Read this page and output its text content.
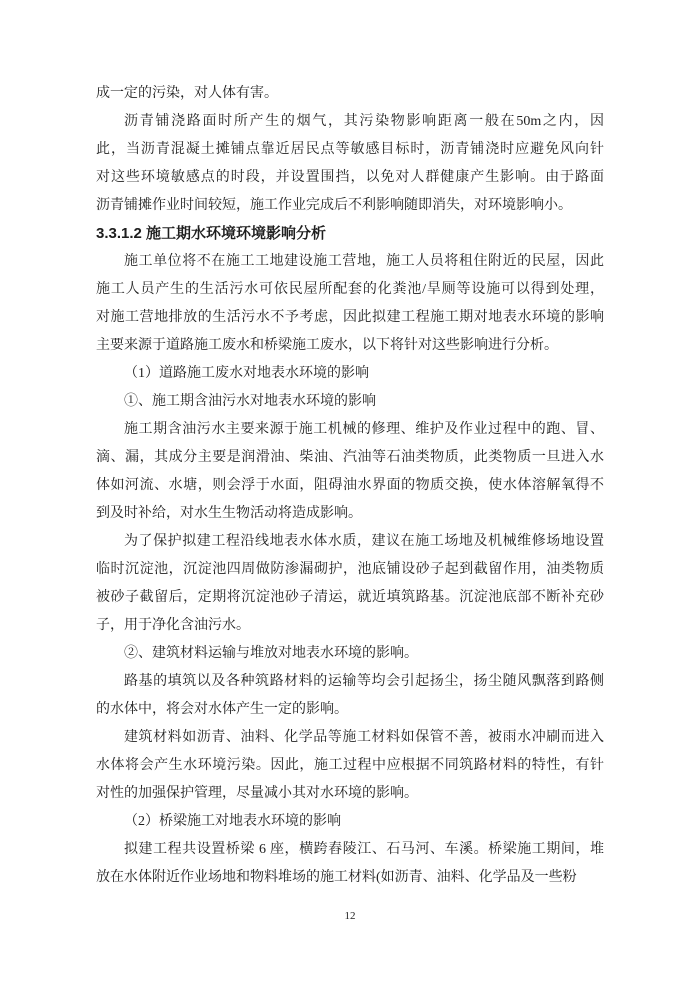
成一定的污染，对人体有害。
沥青铺浇路面时所产生的烟气，其污染物影响距离一般在50m之内，因
此，当沥青混凝土摊铺点靠近居民点等敏感目标时，沥青铺浇时应避免风向针
对这些环境敏感点的时段，并设置围挡，以免对人群健康产生影响。由于路面
沥青铺摊作业时间较短，施工作业完成后不利影响随即消失，对环境影响小。
3.3.1.2 施工期水环境环境影响分析
施工单位将不在施工工地建设施工营地，施工人员将租住附近的民屋，因此
施工人员产生的生活污水可依民屋所配套的化粪池/旱厕等设施可以得到处理，
对施工营地排放的生活污水不予考虑，因此拟建工程施工期对地表水环境的影响
主要来源于道路施工废水和桥梁施工废水，以下将针对这些影响进行分析。
（1）道路施工废水对地表水环境的影响
①、施工期含油污水对地表水环境的影响
施工期含油污水主要来源于施工机械的修理、维护及作业过程中的跑、冒、
滴、漏，其成分主要是润滑油、柴油、汽油等石油类物质，此类物质一旦进入水
体如河流、水塘，则会浮于水面，阻碍油水界面的物质交换，使水体溶解氧得不
到及时补给，对水生生物活动将造成影响。
为了保护拟建工程沿线地表水体水质，建议在施工场地及机械维修场地设置
临时沉淀池，沉淀池四周做防渗漏砌护，池底铺设砂子起到截留作用，油类物质
被砂子截留后，定期将沉淀池砂子清运，就近填筑路基。沉淀池底部不断补充砂
子，用于净化含油污水。
②、建筑材料运输与堆放对地表水环境的影响。
路基的填筑以及各种筑路材料的运输等均会引起扬尘，扬尘随风飘落到路侧
的水体中，将会对水体产生一定的影响。
建筑材料如沥青、油料、化学品等施工材料如保管不善，被雨水冲刷而进入
水体将会产生水环境污染。因此，施工过程中应根据不同筑路材料的特性，有针
对性的加强保护管理，尽量减小其对水环境的影响。
（2）桥梁施工对地表水环境的影响
拟建工程共设置桥梁 6 座，横跨舂陵江、石马河、车溪。桥梁施工期间，堆
放在水体附近作业场地和物料堆场的施工材料(如沥青、油料、化学品及一些粉
12
